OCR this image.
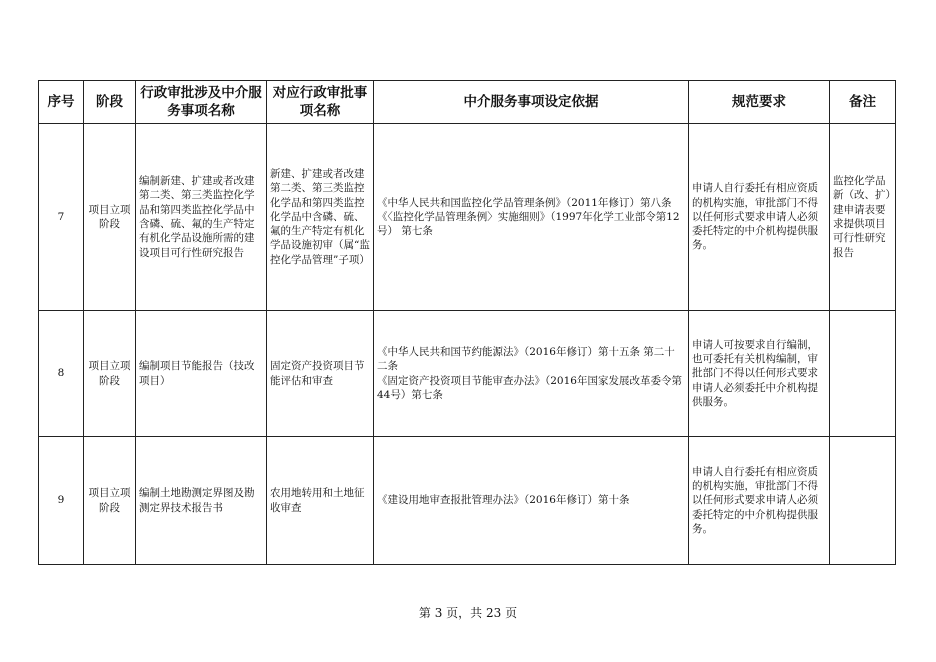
序号	阶段	行政审批涉及中介服务事项名称	对应行政审批事项名称	中介服务事项设定依据	规范要求	备注
7	项目立项阶段	编制新建、扩建或者改建第二类、第三类监控化学品和第四类监控化学品中含磷、硫、氟的生产特定有机化学品设施所需的建设项目可行性研究报告	新建、扩建或者改建第二类、第三类监控化学品和第四类监控化学品中含磷、硫、氟的生产特定有机化学品设施初审（属“监控化学品管理”子项）	《中华人民共和国监控化学品管理条例》（2011年修订）第八条
《〈监控化学品管理条例〉实施细则》（1997年化学工业部令第12号） 第七条	申请人自行委托有相应资质的机构实施，审批部门不得以任何形式要求申请人必须委托特定的中介机构提供服务。	监控化学品新（改、扩）建申请表要求提供项目可行性研究报告
8	项目立项阶段	编制项目节能报告（技改项目）	固定资产投资项目节能评估和审查	《中华人民共和国节约能源法》（2016年修订）第十五条 第二十二条
《固定资产投资项目节能审查办法》（2016年国家发展改革委令第44号）第七条	申请人可按要求自行编制，也可委托有关机构编制，审批部门不得以任何形式要求申请人必须委托中介机构提供服务。	
9	项目立项阶段	编制土地勘测定界图及勘测定界技术报告书	农用地转用和土地征收审查	《建设用地审查报批管理办法》（2016年修订）第十条	申请人自行委托有相应资质的机构实施，审批部门不得以任何形式要求申请人必须委托特定的中介机构提供服务。	
第 3 页，共 23 页
